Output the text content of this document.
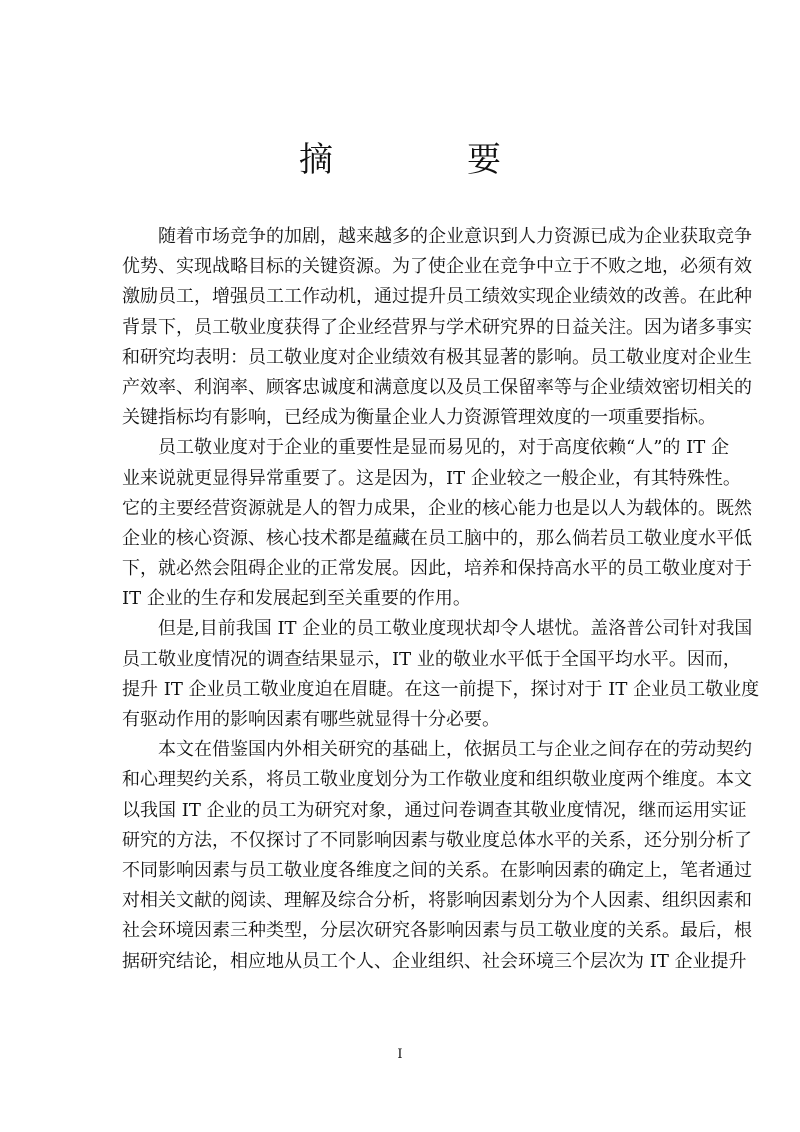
摘　要
随着市场竞争的加剧，越来越多的企业意识到人力资源已成为企业获取竞争
优势、实现战略目标的关键资源。为了使企业在竞争中立于不败之地，必须有效
激励员工，增强员工工作动机，通过提升员工绩效实现企业绩效的改善。在此种
背景下，员工敬业度获得了企业经营界与学术研究界的日益关注。因为诸多事实
和研究均表明：员工敬业度对企业绩效有极其显著的影响。员工敬业度对企业生
产效率、利润率、顾客忠诚度和满意度以及员工保留率等与企业绩效密切相关的
关键指标均有影响，已经成为衡量企业人力资源管理效度的一项重要指标。
员工敬业度对于企业的重要性是显而易见的，对于高度依赖“人”的 IT 企
业来说就更显得异常重要了。这是因为，IT 企业较之一般企业，有其特殊性。
它的主要经营资源就是人的智力成果，企业的核心能力也是以人为载体的。既然
企业的核心资源、核心技术都是蕴藏在员工脑中的，那么倘若员工敬业度水平低
下，就必然会阻碍企业的正常发展。因此，培养和保持高水平的员工敬业度对于
IT 企业的生存和发展起到至关重要的作用。
但是,目前我国 IT 企业的员工敬业度现状却令人堪忧。盖洛普公司针对我国
员工敬业度情况的调查结果显示，IT 业的敬业水平低于全国平均水平。因而，
提升 IT 企业员工敬业度迫在眉睫。在这一前提下，探讨对于 IT 企业员工敬业度
有驱动作用的影响因素有哪些就显得十分必要。
本文在借鉴国内外相关研究的基础上，依据员工与企业之间存在的劳动契约
和心理契约关系，将员工敬业度划分为工作敬业度和组织敬业度两个维度。本文
以我国 IT 企业的员工为研究对象，通过问卷调查其敬业度情况，继而运用实证
研究的方法，不仅探讨了不同影响因素与敬业度总体水平的关系，还分别分析了
不同影响因素与员工敬业度各维度之间的关系。在影响因素的确定上，笔者通过
对相关文献的阅读、理解及综合分析，将影响因素划分为个人因素、组织因素和
社会环境因素三种类型，分层次研究各影响因素与员工敬业度的关系。最后，根
据研究结论，相应地从员工个人、企业组织、社会环境三个层次为 IT 企业提升
I
